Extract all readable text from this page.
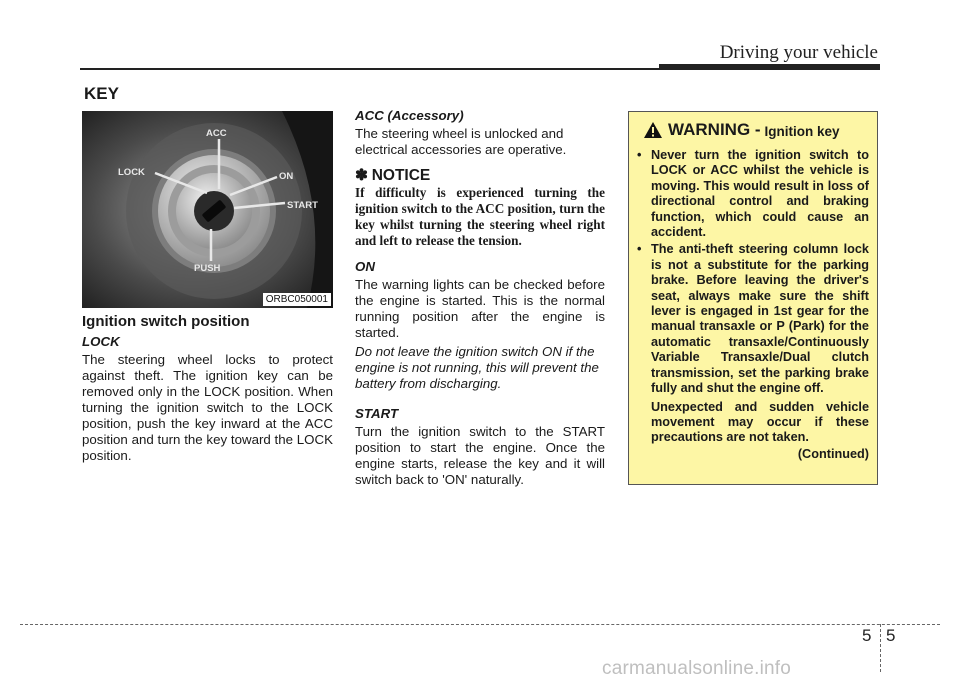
Driving your vehicle
KEY
ACC
LOCK	ON
START
PUSH
ORBC050001

Ignition switch position

LOCK

The steering wheel locks to protect against theft. The ignition key can be removed only in the LOCK position. When turning the ignition switch to the LOCK position, push the key inward at the ACC position and turn the key toward the LOCK position.

ACC (Accessory)

The steering wheel is unlocked and electrical accessories are operative.

✽ NOTICE

If difficulty is experienced turning the ignition switch to the ACC position, turn the key whilst turning the steering wheel right and left to release the tension.

ON

The warning lights can be checked before the engine is started. This is the normal running position after the engine is started.

Do not leave the ignition switch ON if the engine is not running, this will prevent the battery from discharging.

START

Turn the ignition switch to the START position to start the engine. Once the engine starts, release the key and it will switch back to 'ON' naturally.

WARNING - Ignition key
• Never turn the ignition switch to LOCK or ACC whilst the vehicle is moving. This would result in loss of directional control and braking function, which could cause an accident.
• The anti-theft steering column lock is not a substitute for the parking brake. Before leaving the driver's seat, always make sure the shift lever is engaged in 1st gear for the manual transaxle or P (Park) for the automatic transaxle/Continuously Variable Transaxle/Dual clutch transmission, set the parking brake fully and shut the engine off.
Unexpected and sudden vehicle movement may occur if these precautions are not taken.
(Continued)
5 5
carmanualsonline.info
